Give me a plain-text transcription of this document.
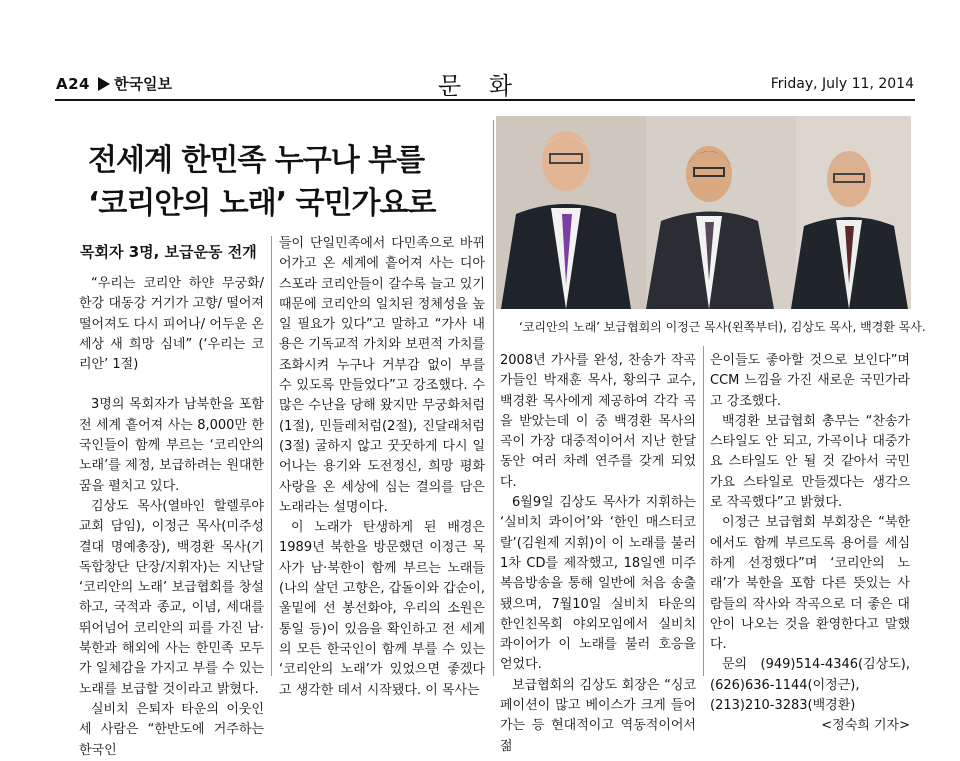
A24 한국일보	문 화	Friday, July 11, 2014
전세계 한민족 누구나 부를
‘코리안의 노래’ 국민가요로
‘코리안의 노래’ 보급협회의 이정근 목사(왼쪽부터), 김상도 목사, 백경환 목사.
목회자 3명, 보급운동 전개

“우리는 코리안 하얀 무궁화/ 한강 대동강 거기가 고향/ 떨어져 떨어져도 다시 피어나/ 어두운 온 세상 새 희망 심네” (‘우리는 코리안’ 1절)

3명의 목회자가 남북한을 포함 전 세계 흩어져 사는 8,000만 한국인들이 함께 부르는 ‘코리안의 노래’를 제정, 보급하려는 원대한 꿈을 펼치고 있다.

김상도 목사(열바인 할렐루야교회 담임), 이정근 목사(미주성결대 명예총장), 백경환 목사(기독합창단 단장/지휘자)는 지난달 ‘코리안의 노래’ 보급협회를 창설하고, 국적과 종교, 이념, 세대를 뛰어넘어 코리안의 피를 가진 남·북한과 해외에 사는 한민족 모두가 일체감을 가지고 부를 수 있는 노래를 보급할 것이라고 밝혔다.

실비치 은퇴자 타운의 이웃인 세 사람은 “한반도에 거주하는 한국인

들이 단일민족에서 다민족으로 바뀌어가고 온 세계에 흩어져 사는 디아스포라 코리안들이 갈수록 늘고 있기 때문에 코리안의 일치된 정체성을 높일 필요가 있다”고 말하고 “가사 내용은 기독교적 가치와 보편적 가치를 조화시켜 누구나 거부감 없이 부를 수 있도록 만들었다”고 강조했다. 수많은 수난을 당해 왔지만 무궁화처럼(1절), 민들레처럼(2절), 진달래처럼(3절) 굴하지 않고 꿋꿋하게 다시 일어나는 용기와 도전정신, 희망 평화 사랑을 온 세상에 심는 결의를 담은 노래라는 설명이다.

이 노래가 탄생하게 된 배경은 1989년 북한을 방문했던 이정근 목사가 남·북한이 함께 부르는 노래들(나의 살던 고향은, 갑돌이와 갑순이, 울밑에 선 봉선화야, 우리의 소원은 통일 등)이 있음을 확인하고 전 세계의 모든 한국인이 함께 부를 수 있는 ‘코리안의 노래’가 있었으면 좋겠다고 생각한 데서 시작됐다. 이 목사는

2008년 가사를 완성, 찬송가 작곡가들인 박재훈 목사, 황의구 교수, 백경환 목사에게 제공하여 각각 곡을 받았는데 이 중 백경환 목사의 곡이 가장 대중적이어서 지난 한달 동안 여러 차례 연주를 갖게 되었다.

6월9일 김상도 목사가 지휘하는 ‘실비치 콰이어’와 ‘한인 매스터코랄’(김원제 지휘)이 이 노래를 불러 1차 CD를 제작했고, 18일엔 미주복음방송을 통해 일반에 처음 송출됐으며, 7월10일 실비치 타운의 한인친목회 야외모임에서 실비치 콰이어가 이 노래를 불러 호응을 얻었다.

보급협회의 김상도 회장은 “싱코페이션이 많고 베이스가 크게 들어가는 등 현대적이고 역동적이어서 젊

은이들도 좋아할 것으로 보인다”며 CCM 느낌을 가진 새로운 국민가라고 강조했다.

백경환 보급협회 총무는 “찬송가 스타일도 안 되고, 가곡이나 대중가요 스타일도 안 될 것 같아서 국민가요 스타일로 만들겠다는 생각으로 작곡했다”고 밝혔다.

이정근 보급협회 부회장은 “북한에서도 함께 부르도록 용어를 세심하게 선정했다”며 ‘코리안의 노래’가 북한을 포함 다른 뜻있는 사람들의 작사와 작곡으로 더 좋은 대안이 나오는 것을 환영한다고 말했다.

문의 (949)514-4346(김상도), (626)636-1144(이정근), (213)210-3283(백경환)

<정숙희 기자>
